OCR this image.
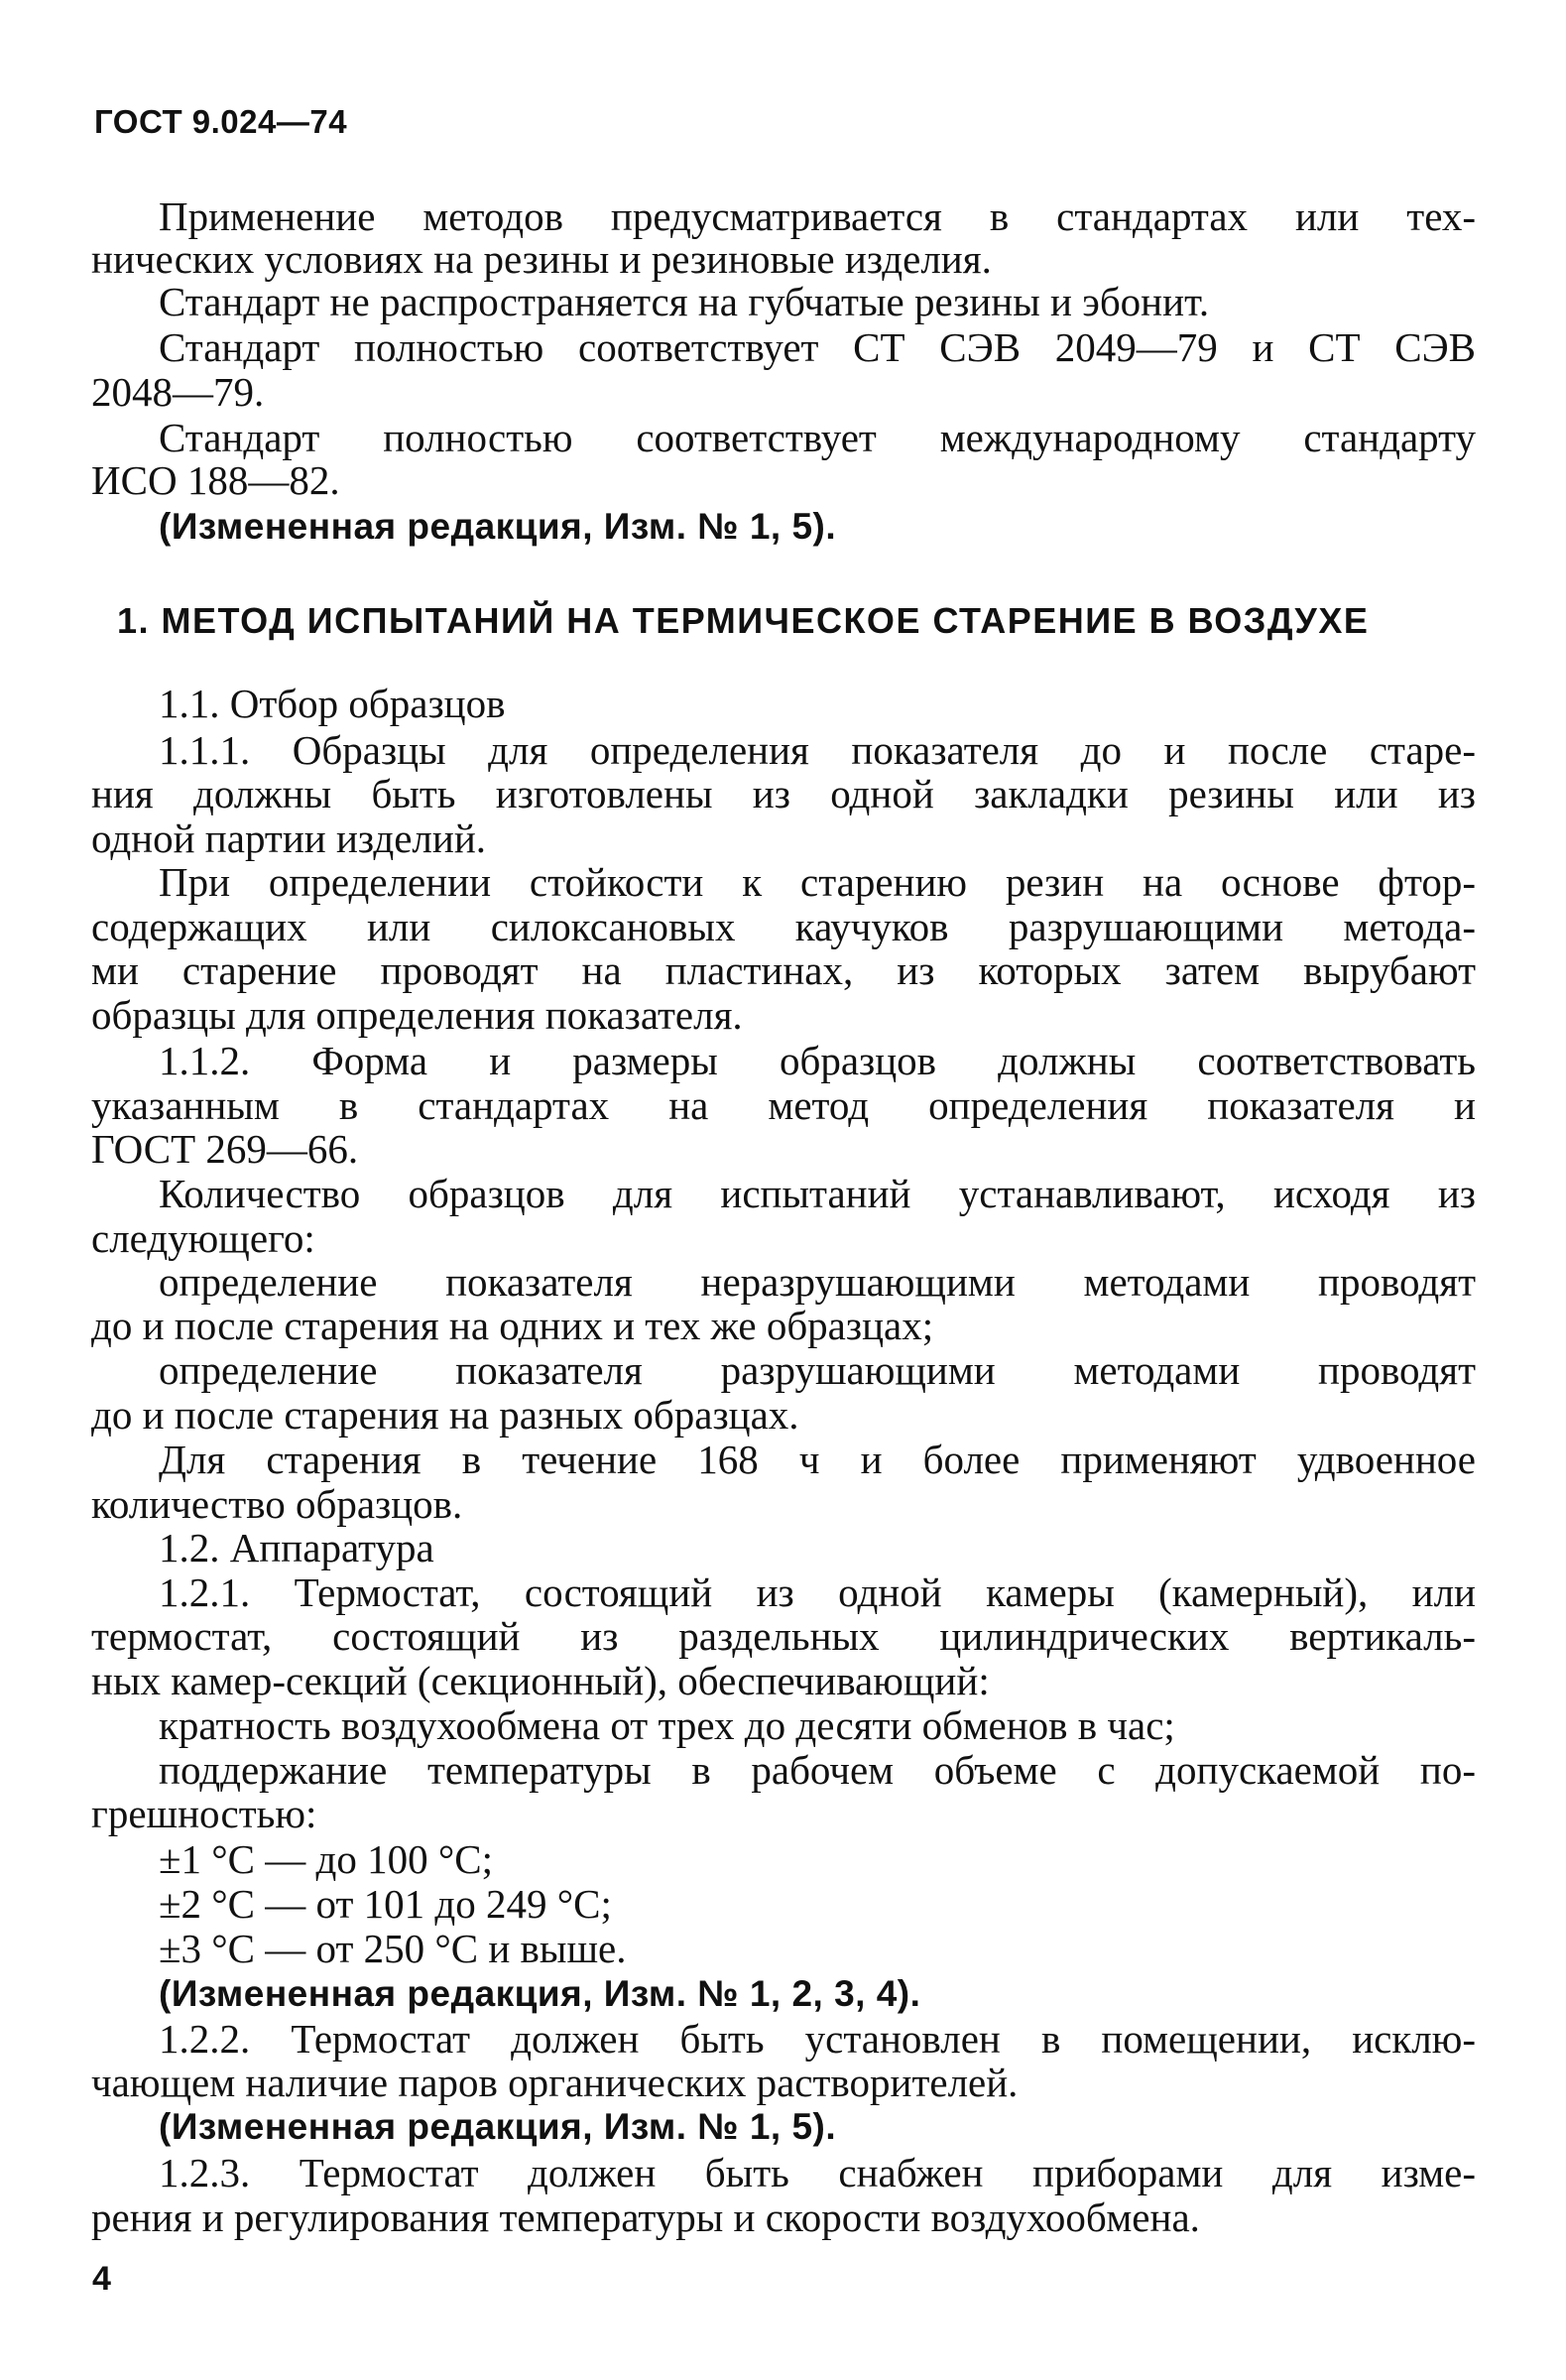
ГОСТ 9.024—74
Применение методов предусматривается в стандартах или тех-
нических условиях на резины и резиновые изделия.
Стандарт не распространяется на губчатые резины и эбонит.
Стандарт полностью соответствует СТ СЭВ 2049—79 и СТ СЭВ
2048—79.
Стандарт полностью соответствует международному стандарту
ИСО 188—82.
(Измененная редакция, Изм. № 1, 5).
1. МЕТОД ИСПЫТАНИЙ НА ТЕРМИЧЕСКОЕ СТАРЕНИЕ В ВОЗДУХЕ
1.1. Отбор образцов
1.1.1. Образцы для определения показателя до и после старе-
ния должны быть изготовлены из одной закладки резины или из
одной партии изделий.
При определении стойкости к старению резин на основе фтор-
содержащих или силоксановых каучуков разрушающими метода-
ми старение проводят на пластинах, из которых затем вырубают
образцы для определения показателя.
1.1.2. Форма и размеры образцов должны соответствовать
указанным в стандартах на метод определения показателя и
ГОСТ 269—66.
Количество образцов для испытаний устанавливают, исходя из
следующего:
определение показателя неразрушающими методами проводят
до и после старения на одних и тех же образцах;
определение показателя разрушающими методами проводят
до и после старения на разных образцах.
Для старения в течение 168 ч и более применяют удвоенное
количество образцов.
1.2. Аппаратура
1.2.1. Термостат, состоящий из одной камеры (камерный), или
термостат, состоящий из раздельных цилиндрических вертикаль-
ных камер-секций (секционный), обеспечивающий:
кратность воздухообмена от трех до десяти обменов в час;
поддержание температуры в рабочем объеме с допускаемой по-
грешностью:
±1 °С — до 100 °С;
±2 °С — от 101 до 249 °С;
±3 °С — от 250 °С и выше.
(Измененная редакция, Изм. № 1, 2, 3, 4).
1.2.2. Термостат должен быть установлен в помещении, исклю-
чающем наличие паров органических растворителей.
(Измененная редакция, Изм. № 1, 5).
1.2.3. Термостат должен быть снабжен приборами для изме-
рения и регулирования температуры и скорости воздухообмена.
4
